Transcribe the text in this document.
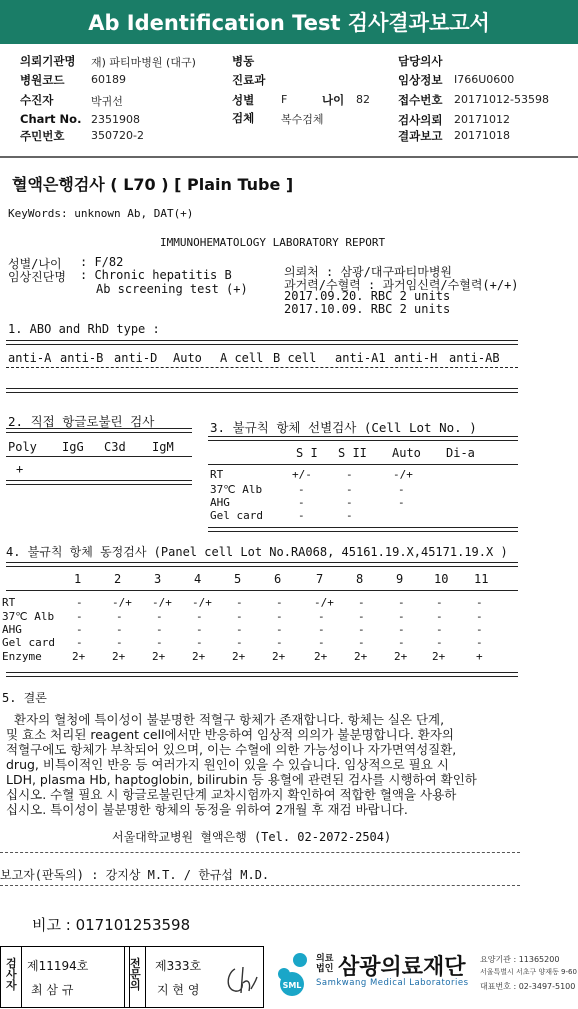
Ab Identification Test 검사결과보고서
의뢰기관명 재) 파티마병원 (대구)
병원코드 60189
수진자	박귀선
Chart No. 2351908
주민번호 350720-2
병동
진료과
성별 F	나이 82
검체 복수검체
담당의사
임상정보 I766U0600
접수번호 20171012-53598
검사의뢰 20171012
결과보고 20171018
혈액은행검사 ( L70 ) [ Plain Tube ]
KeyWords: unknown Ab, DAT(+)
IMMUNOHEMATOLOGY LABORATORY REPORT
성별/나이 : F/82
임상진단명 : Chronic hepatitis B
Ab screening test (+)
의뢰처 : 삼광/대구파티마병원
과거력/수혈력 : 과거임신력/수혈력(+/+)
2017.09.20. RBC 2 units
2017.10.09. RBC 2 units
1. ABO and RhD type :
anti-A anti-B anti-D Auto A cell B cell anti-A1 anti-H anti-AB
2. 직접 항글로불린 검사
Poly IgG C3d IgM
+
3. 불규칙 항체 선별검사 (Cell Lot No. )
S I S II Auto Di-a
RT	+/-	-	-/+
37℃ Alb	-	-	-
AHG	-	-	-
Gel card	-	-
4. 불규칙 항체 동정검사 (Panel cell Lot No.RA068, 45161.19.X,45171.19.X )
1	2	3	4	5	6	7	8	9	10 11
RT	-	-/+ -/+ -/+ -	-	-/+ -	-	-	-
37℃ Alb -	-	-	-	-	-	-	-	-	-	-
AHG	-	-	-	-	-	-	-	-	-	-	-
Gel card -	-	-	-	-	-	-	-	-	-	-
Enzyme	2+ 2+ 2+ 2+ 2+ 2+	2+ 2+ 2+ 2+	+
5. 결론
환자의 혈청에 특이성이 불분명한 적혈구 항체가 존재합니다. 항체는 실온 단계,
및 효소 처리된 reagent cell에서만 반응하여 임상적 의의가 불분명합니다. 환자의
적혈구에도 항체가 부착되어 있으며, 이는 수혈에 의한 가능성이나 자가면역성질환,
drug, 비특이적인 반응 등 여러가지 원인이 있을 수 있습니다. 임상적으로 필요 시
LDH, plasma Hb, haptoglobin, bilirubin 등 용혈에 관련된 검사를 시행하여 확인하
십시오. 수혈 필요 시 항글로불린단계 교차시험까지 확인하여 적합한 혈액을 사용하
십시오. 특이성이 불분명한 항체의 동정을 위하여 2개월 후 재검 바랍니다.
서울대학교병원 혈액은행 (Tel. 02-2072-2504)
보고자(판독의) : 강지상 M.T. / 한규섭 M.D.
비고 : 017101253598
검
사
자
제11194호
최 삼 규
전
문
의
제333호
지 현 영	SML
의료
법인 삼광의료재단
Samkwang Medical Laboratories
요양기관 : 11365200
서울특별시 서초구 양재동 9-60
대표번호 : 02-3497-5100
